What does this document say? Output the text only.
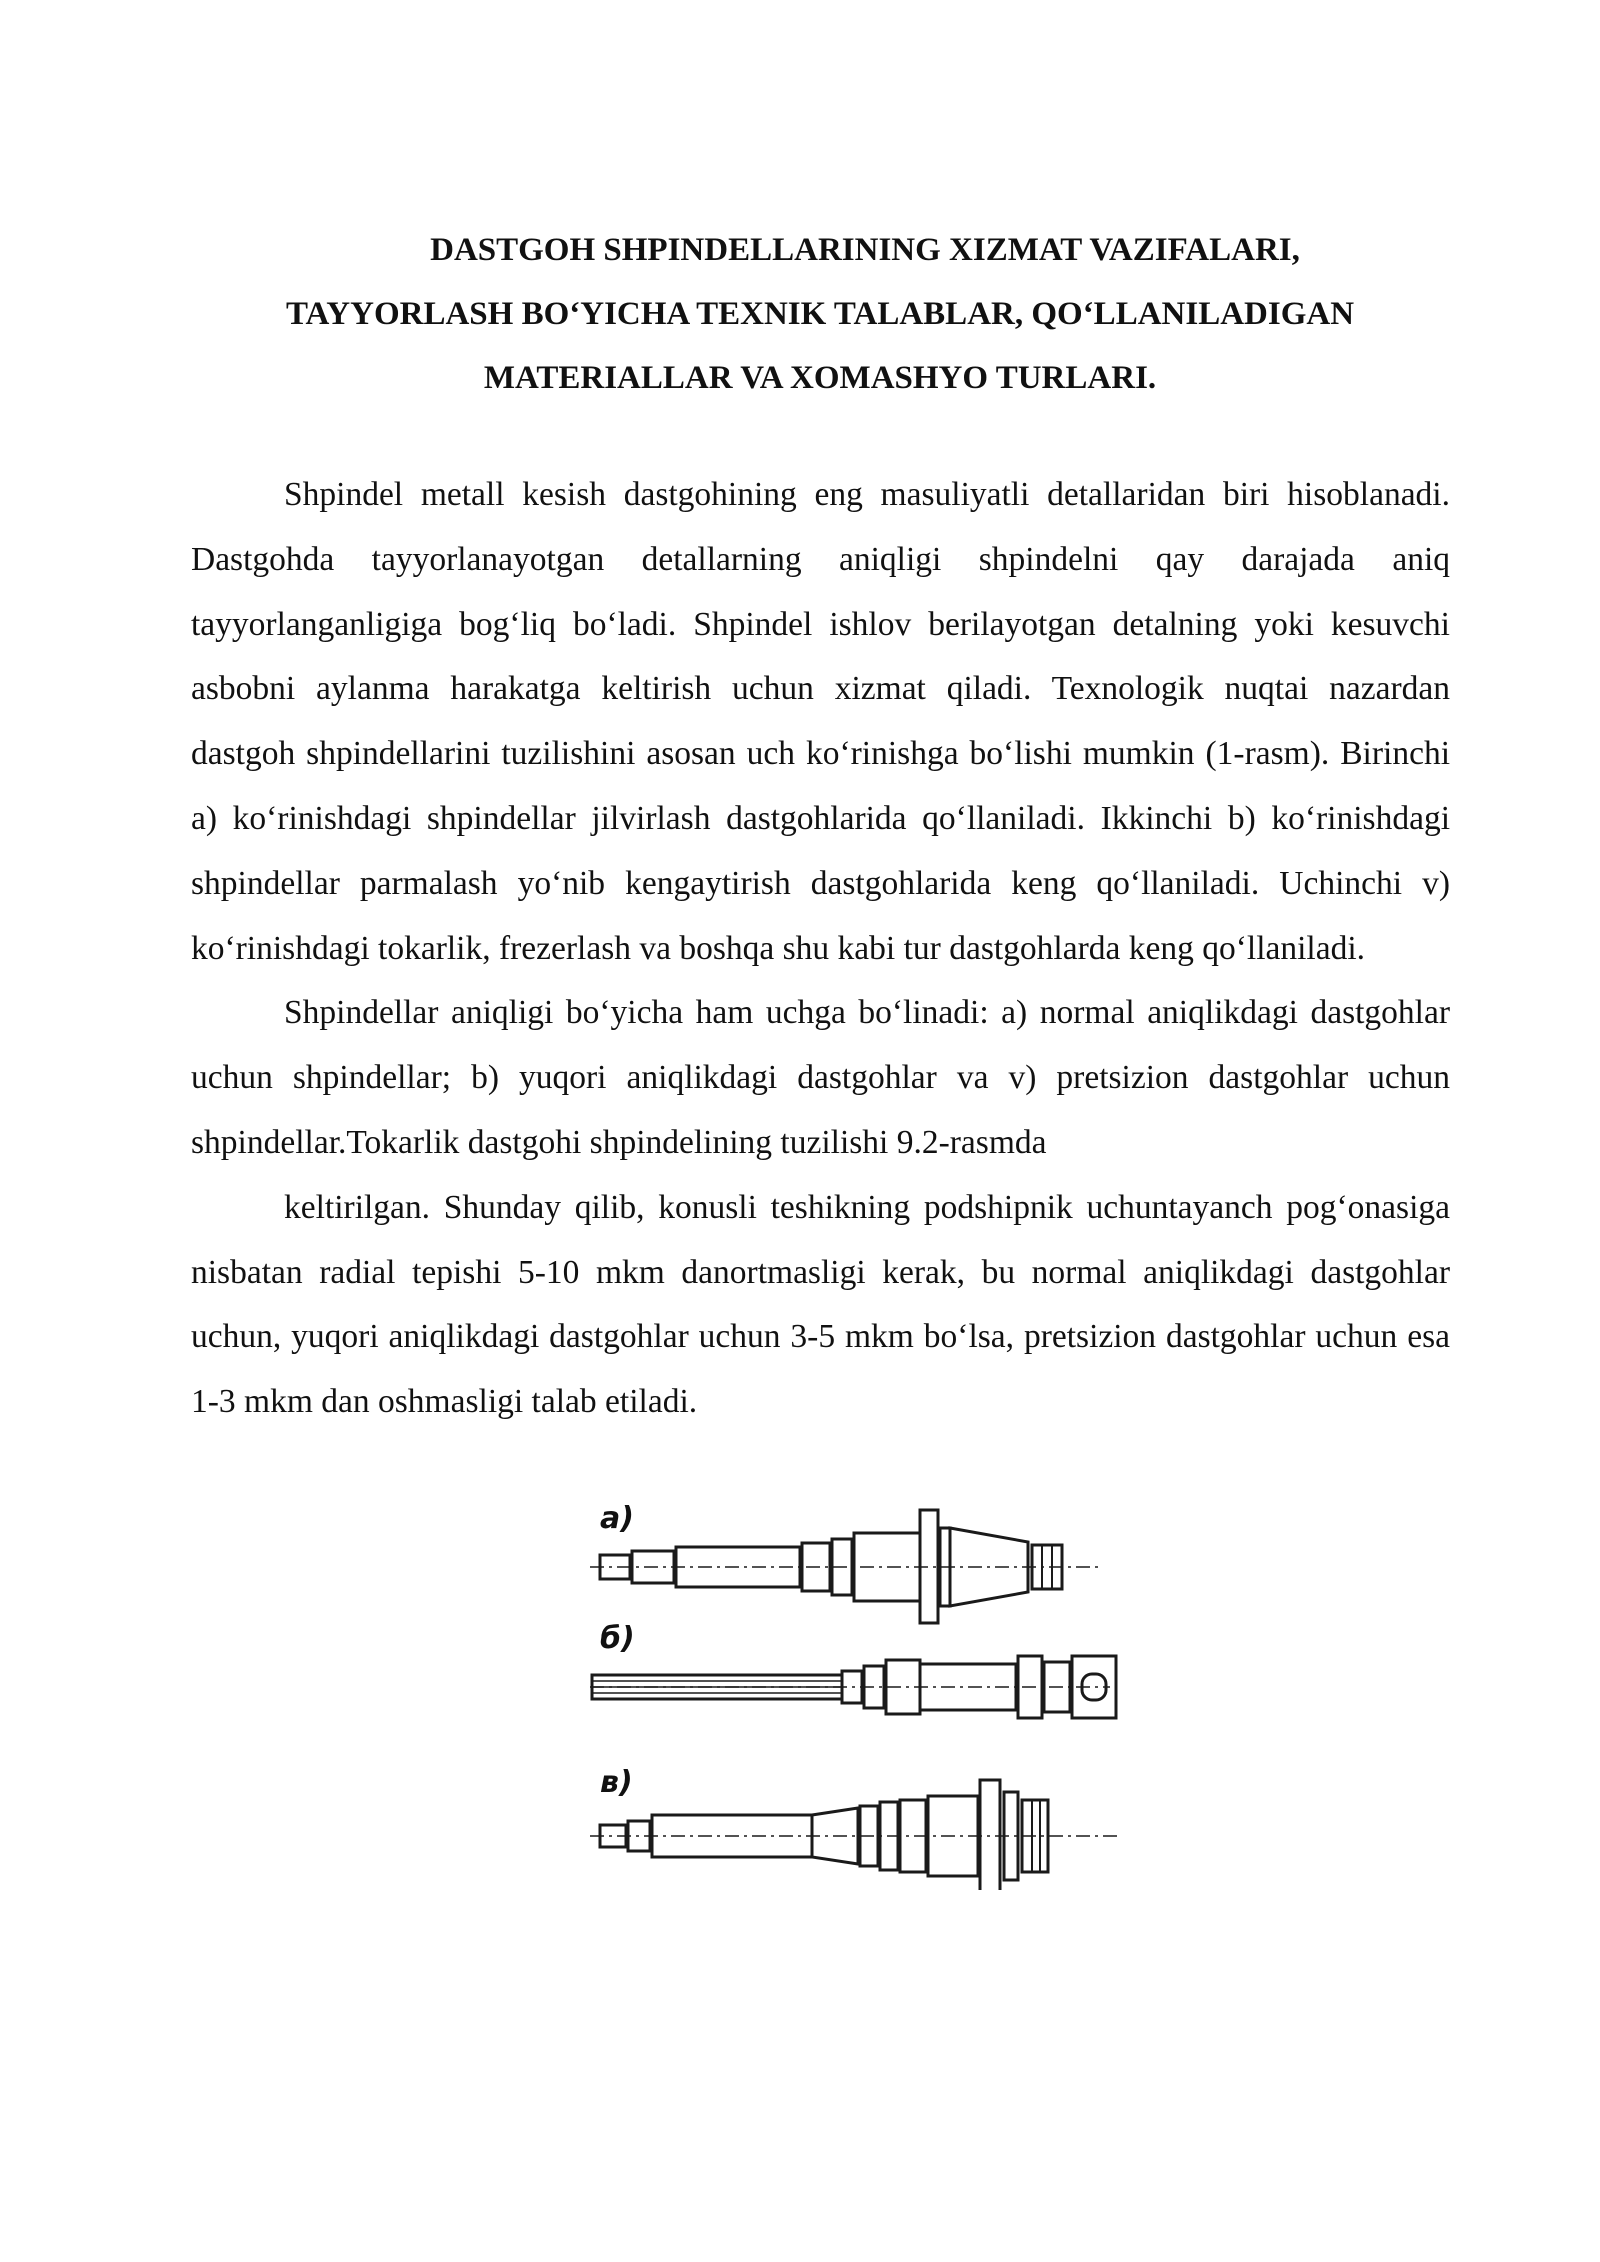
DASTGOH SHPINDELLARINING XIZMAT VAZIFALARI,
TAYYORLASH BO‘YICHA TEXNIK TALABLAR, QO‘LLANILADIGAN
MATERIALLAR VA XOMASHYO TURLARI.

Shpindel metall kesish dastgohining eng masuliyatli detallaridan biri hisoblanadi. Dastgohda tayyorlanayotgan detallarning aniqligi shpindelni qay darajada aniq tayyorlanganligiga bog‘liq bo‘ladi. Shpindel ishlov berilayotgan detalning yoki kesuvchi asbobni aylanma harakatga keltirish uchun xizmat qiladi. Texnologik nuqtai nazardan dastgoh shpindellarini tuzilishini asosan uch ko‘rinishga bo‘lishi mumkin (1-rasm). Birinchi a) ko‘rinishdagi shpindellar jilvirlash dastgohlarida qo‘llaniladi. Ikkinchi b) ko‘rinishdagi shpindellar parmalash yo‘nib kengaytirish dastgohlarida keng qo‘llaniladi. Uchinchi v) ko‘rinishdagi tokarlik, frezerlash va boshqa shu kabi tur dastgohlarda keng qo‘llaniladi.

Shpindellar aniqligi bo‘yicha ham uchga bo‘linadi: a) normal aniqlikdagi dastgohlar uchun shpindellar; b) yuqori aniqlikdagi dastgohlar va v) pretsizion dastgohlar uchun shpindellar.Tokarlik dastgohi shpindelining tuzilishi 9.2-rasmda

keltirilgan. Shunday qilib, konusli teshikning podshipnik uchuntayanch pog‘onasiga nisbatan radial tepishi 5-10 mkm danortmasligi kerak, bu normal aniqlikdagi dastgohlar uchun, yuqori aniqlikdagi dastgohlar uchun 3-5 mkm bo‘lsa, pretsizion dastgohlar uchun esa 1-3 mkm dan oshmasligi talab etiladi.

а)
б)
в)
